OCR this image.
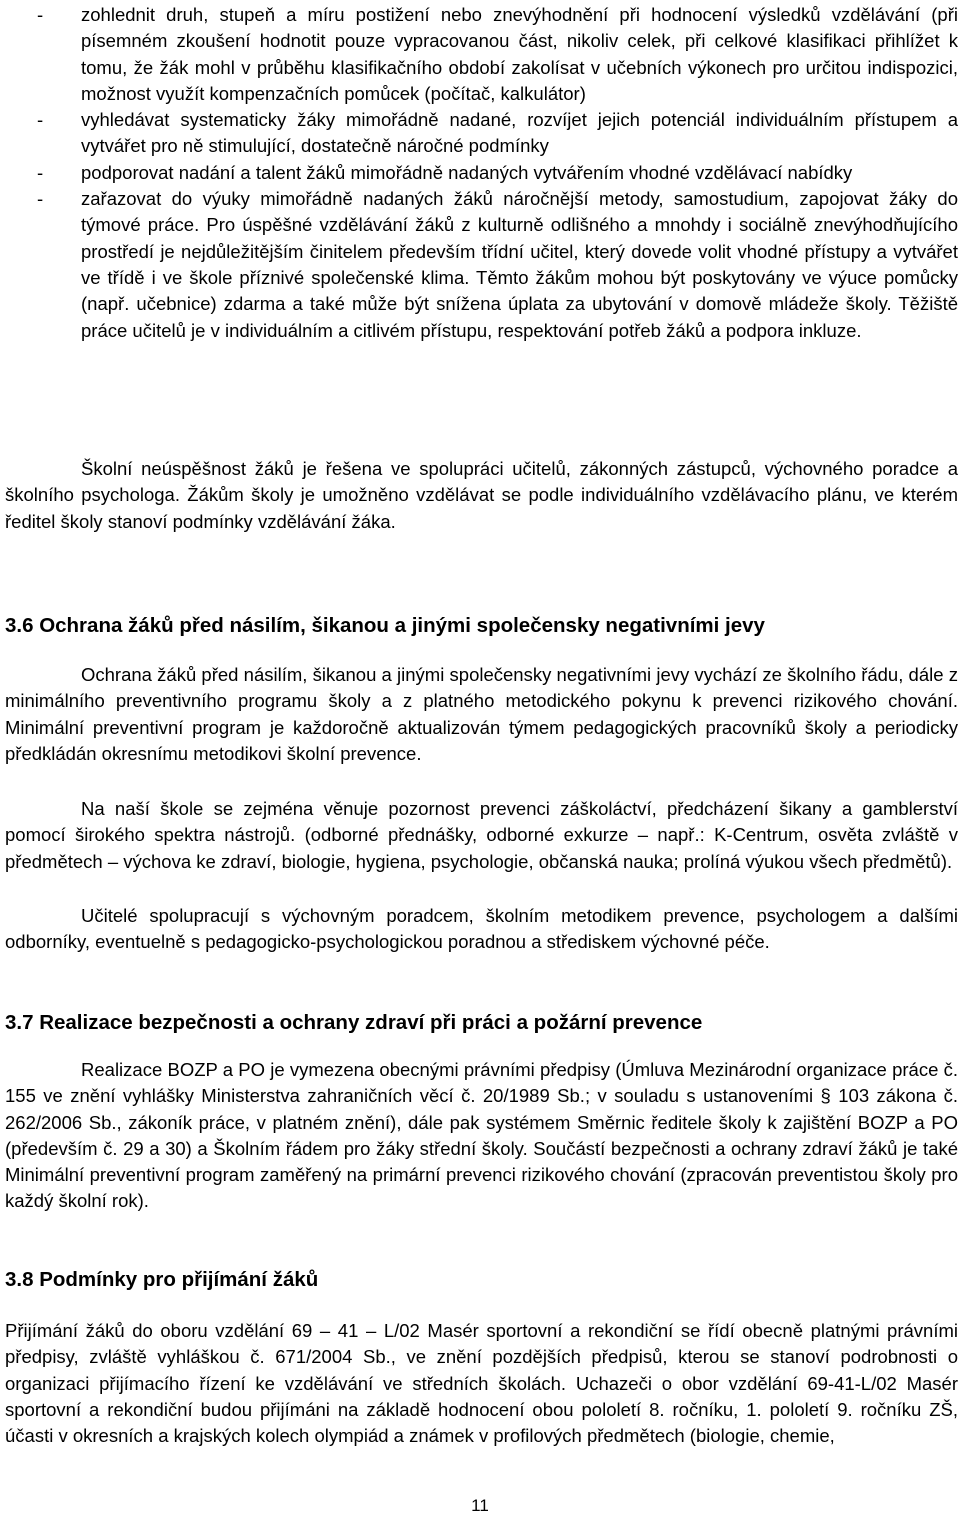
- zohlednit druh, stupeň a míru postižení nebo znevýhodnění při hodnocení výsledků vzdělávání (při písemném zkoušení hodnotit pouze vypracovanou část, nikoliv celek, při celkové klasifikaci přihlížet k tomu, že žák mohl v průběhu klasifikačního období zakolísat v učebních výkonech pro určitou indispozici, možnost využít kompenzačních pomůcek (počítač, kalkulátor)
- vyhledávat systematicky žáky mimořádně nadané, rozvíjet jejich potenciál individuálním přístupem a vytvářet pro ně stimulující, dostatečně náročné podmínky
- podporovat nadání a talent žáků mimořádně nadaných vytvářením vhodné vzdělávací nabídky
- zařazovat do výuky mimořádně nadaných žáků náročnější metody, samostudium, zapojovat žáky do týmové práce. Pro úspěšné vzdělávání žáků z kulturně odlišného a mnohdy i sociálně znevýhodňujícího prostředí je nejdůležitějším činitelem především třídní učitel, který dovede volit vhodné přístupy a vytvářet ve třídě i ve škole příznivé společenské klima. Těmto žákům mohou být poskytovány ve výuce pomůcky (např. učebnice) zdarma a také může být snížena úplata za ubytování v domově mládeže školy. Těžiště práce učitelů je v individuálním a citlivém přístupu, respektování potřeb žáků a podpora inkluze.
Školní neúspěšnost žáků je řešena ve spolupráci učitelů, zákonných zástupců, výchovného poradce a školního psychologa. Žákům školy je umožněno vzdělávat se podle individuálního vzdělávacího plánu, ve kterém ředitel školy stanoví podmínky vzdělávání žáka.
3.6 Ochrana žáků před násilím, šikanou a jinými společensky negativními jevy
Ochrana žáků před násilím, šikanou a jinými společensky negativními jevy vychází ze školního řádu, dále z minimálního preventivního programu školy a z platného metodického pokynu k prevenci rizikového chování. Minimální preventivní program je každoročně aktualizován týmem pedagogických pracovníků školy a periodicky předkládán okresnímu metodikovi školní prevence.
Na naší škole se zejména věnuje pozornost prevenci záškoláctví, předcházení šikany a gamblerství pomocí širokého spektra nástrojů. (odborné přednášky, odborné exkurze – např.: K-Centrum, osvěta zvláště v předmětech – výchova ke zdraví, biologie, hygiena, psychologie, občanská nauka; prolíná výukou všech předmětů).
Učitelé spolupracují s výchovným poradcem, školním metodikem prevence, psychologem a dalšími odborníky, eventuelně s pedagogicko-psychologickou poradnou a střediskem výchovné péče.
3.7 Realizace bezpečnosti a ochrany zdraví při práci a požární prevence
Realizace BOZP a PO je vymezena obecnými právními předpisy (Úmluva Mezinárodní organizace práce č. 155 ve znění vyhlášky Ministerstva zahraničních věcí č. 20/1989 Sb.; v souladu s ustanoveními § 103 zákona č. 262/2006 Sb., zákoník práce, v platném znění), dále pak systémem Směrnic ředitele školy k zajištění BOZP a PO (především č. 29 a 30) a Školním řádem pro žáky střední školy. Součástí bezpečnosti a ochrany zdraví žáků je také Minimální preventivní program zaměřený na primární prevenci rizikového chování (zpracován preventistou školy pro každý školní rok).
3.8 Podmínky pro přijímání žáků
Přijímání žáků do oboru vzdělání 69 – 41 – L/02 Masér sportovní a rekondiční se řídí obecně platnými právními předpisy, zvláště vyhláškou č. 671/2004 Sb., ve znění pozdějších předpisů, kterou se stanoví podrobnosti o organizaci přijímacího řízení ke vzdělávání ve středních školách. Uchazeči o obor vzdělání 69-41-L/02 Masér sportovní a rekondiční budou přijímáni na základě hodnocení obou pololetí 8. ročníku, 1. pololetí 9. ročníku ZŠ, účasti v okresních a krajských kolech olympiád a známek v profilových předmětech (biologie, chemie,
11
